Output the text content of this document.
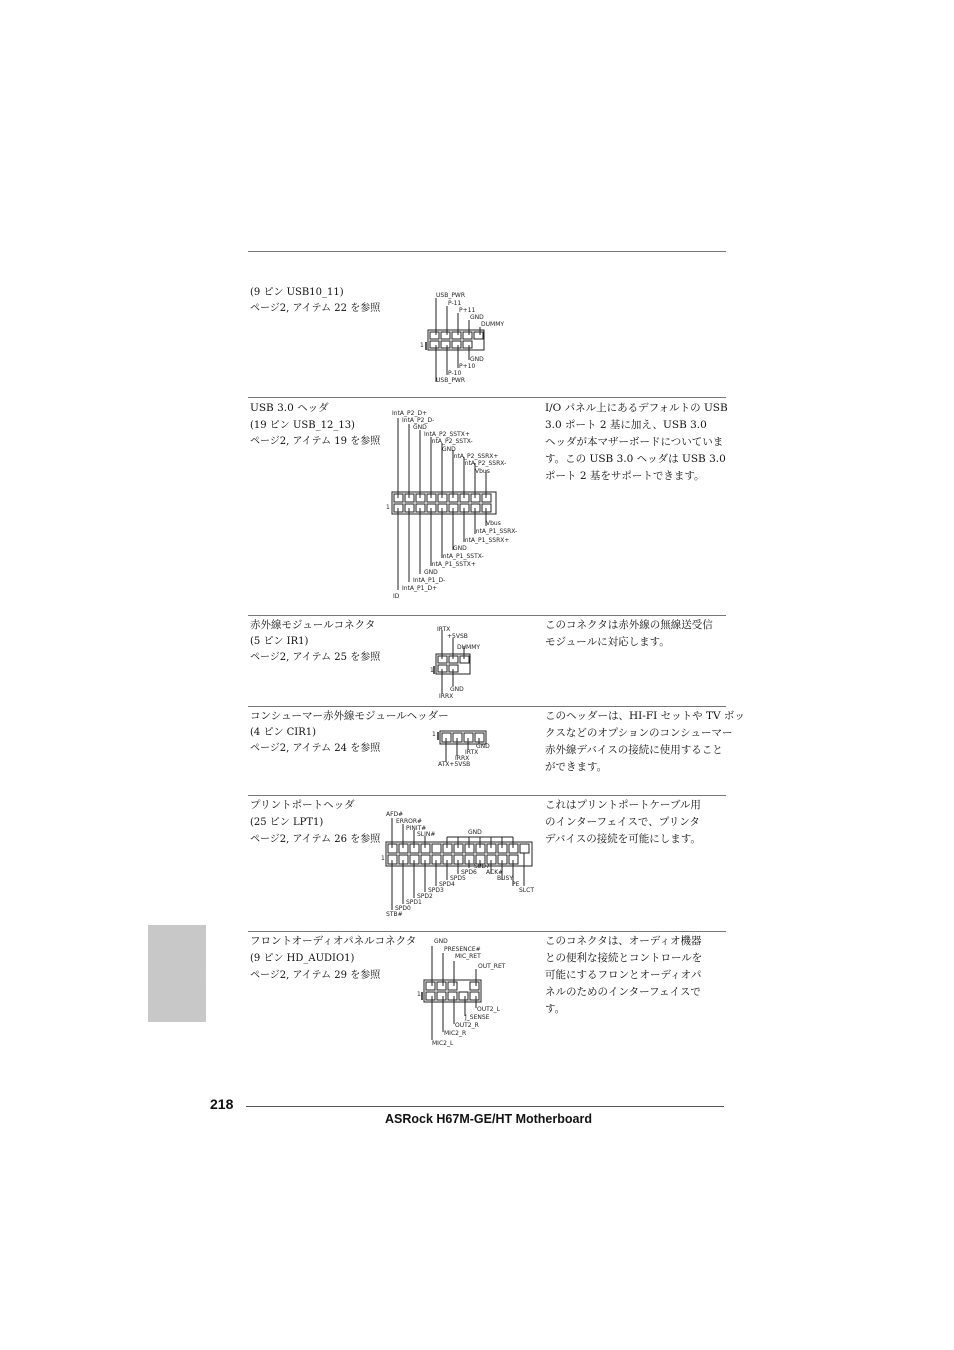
(9 ピン USB10_11)
ページ2, アイテム 22 を参照
USB_PWR
P-11
P+11
GND
DUMMY
GND
P+10
P-10
USB_PWR
1
USB 3.0 ヘッダ
(19 ピン USB_12_13)
ページ2, アイテム 19 を参照
I/O パネル上にあるデフォルトの USB
3.0 ポート 2 基に加え、USB 3.0
ヘッダが本マザーボードについていま
す。この USB 3.0 ヘッダは USB 3.0
ポート 2 基をサポートできます。
IntA_P2_D+
IntA_P2_D-
GND
IntA_P2_SSTX+
IntA_P2_SSTX-
GND
IntA_P2_SSRX+
IntA_P2_SSRX-
Vbus
Vbus
IntA_P1_SSRX-
IntA_P1_SSRX+
GND
IntA_P1_SSTX-
IntA_P1_SSTX+
GND
IntA_P1_D-
IntA_P1_D+
ID
1
赤外線モジュールコネクタ
(5 ピン IR1)
ページ2, アイテム 25 を参照
このコネクタは赤外線の無線送受信
モジュールに対応します。
IRTX
+5VSB
DUMMY
GND
IRRX
1
コンシューマー赤外線モジュールヘッダー
(4 ピン CIR1)
ページ2, アイテム 24 を参照
このヘッダーは、HI-FI セットや TV ボッ
クスなどのオプションのコンシューマー
赤外線デバイスの接続に使用すること
ができます。
GND
IRTX
IRRX
ATX+5VSB
1
プリントポートヘッダ
(25 ピン LPT1)
ページ2, アイテム 26 を参照
これはプリントポートケーブル用
のインターフェイスで、プリンタ
デバイスの接続を可能にします。
AFD#
ERROR#
PINIT#
SLIN#	GND
SPD7
ACK#
BUSY
PE
SLCT
SPD6
SPD5
SPD4
SPD3
SPD2
SPD1
SPD0
STB#
1
フロントオーディオパネルコネクタ
(9 ピン HD_AUDIO1)
ページ2, アイテム 29 を参照
このコネクタは、オーディオ機器
との便利な接続とコントロールを
可能にするフロンとオーディオパ
ネルのためのインターフェイスで
す。
GND
PRESENCE#
MIC_RET
OUT_RET
OUT2_L
J_SENSE
OUT2_R
MIC2_R
MIC2_L
1
日本語
218
ASRock H67M-GE/HT Motherboard
